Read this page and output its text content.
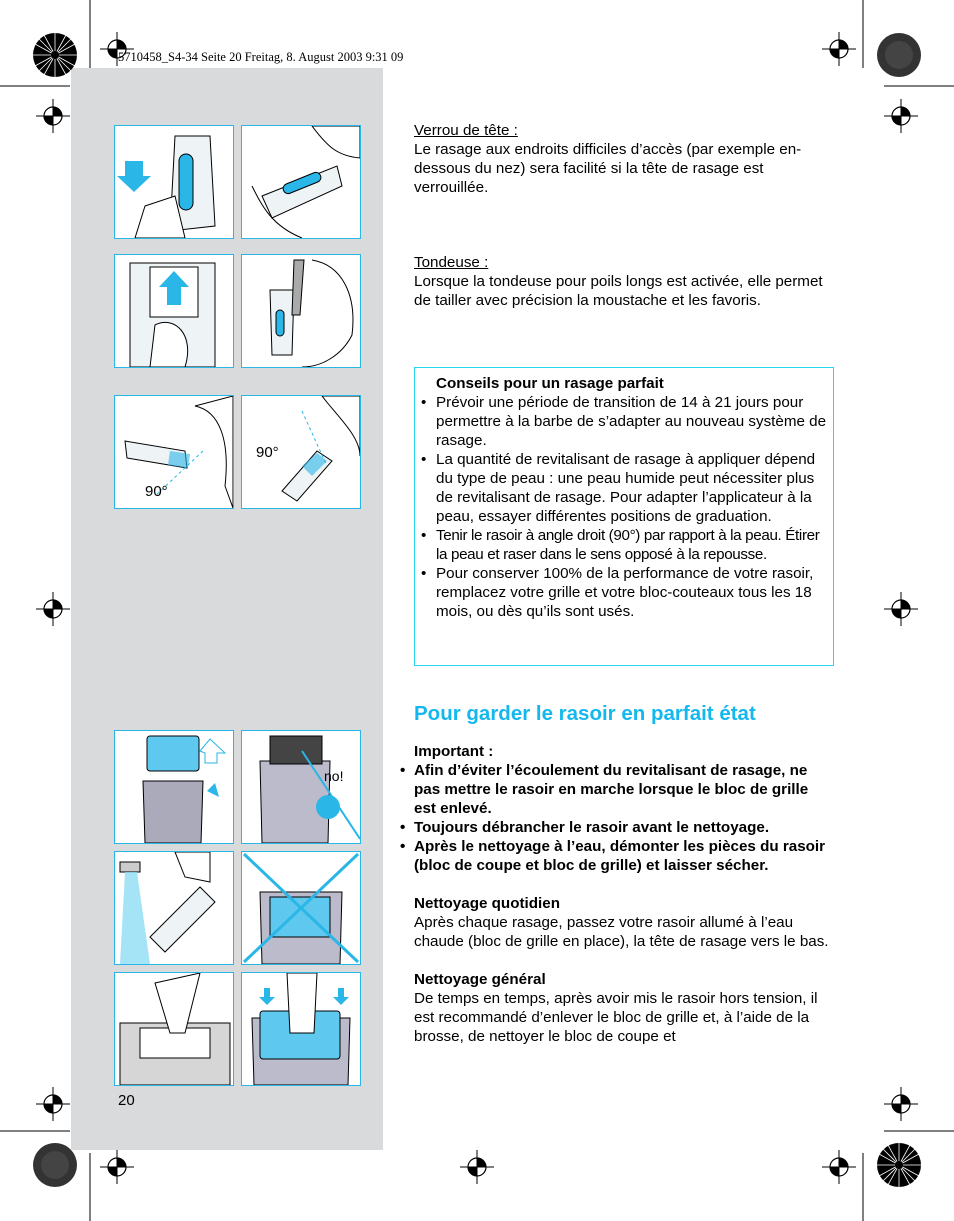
5710458_S4-34 Seite 20 Freitag, 8. August 2003 9:31 09
90°
90°
no!
Verrou de tête :
Le rasage aux endroits difficiles d’accès (par exemple en-dessous du nez) sera facilité si la tête de rasage est verrouillée.
Tondeuse :
Lorsque la tondeuse pour poils longs est activée, elle permet de tailler avec précision la moustache et les favoris.
Conseils pour un rasage parfait
• Prévoir une période de transition de 14 à 21 jours pour permettre à la barbe de s’adapter au nouveau système de rasage.
• La quantité de revitalisant de rasage à appliquer dépend du type de peau : une peau humide peut nécessiter plus de revitalisant de rasage. Pour adapter l’applicateur à la peau, essayer différentes positions de graduation.
• Tenir le rasoir à angle droit (90°) par rapport à la peau. Étirer la peau et raser dans le sens opposé à la repousse.
• Pour conserver 100% de la performance de votre rasoir, remplacez votre grille et votre bloc-couteaux tous les 18 mois, ou dès qu’ils sont usés.
Pour garder le rasoir en parfait état
Important :
• Afin d’éviter l’écoulement du revitalisant de rasage, ne pas mettre le rasoir en marche lorsque le bloc de grille est enlevé.
• Toujours débrancher le rasoir avant le nettoyage.
• Après le nettoyage à l’eau, démonter les pièces du rasoir (bloc de coupe et bloc de grille) et laisser sécher.
Nettoyage quotidien
Après chaque rasage, passez votre rasoir allumé à l’eau chaude (bloc de grille en place), la tête de rasage vers le bas.
Nettoyage général
De temps en temps, après avoir mis le rasoir hors tension, il est recommandé d’enlever le bloc de grille et, à l’aide de la brosse, de nettoyer le bloc de coupe et
20
